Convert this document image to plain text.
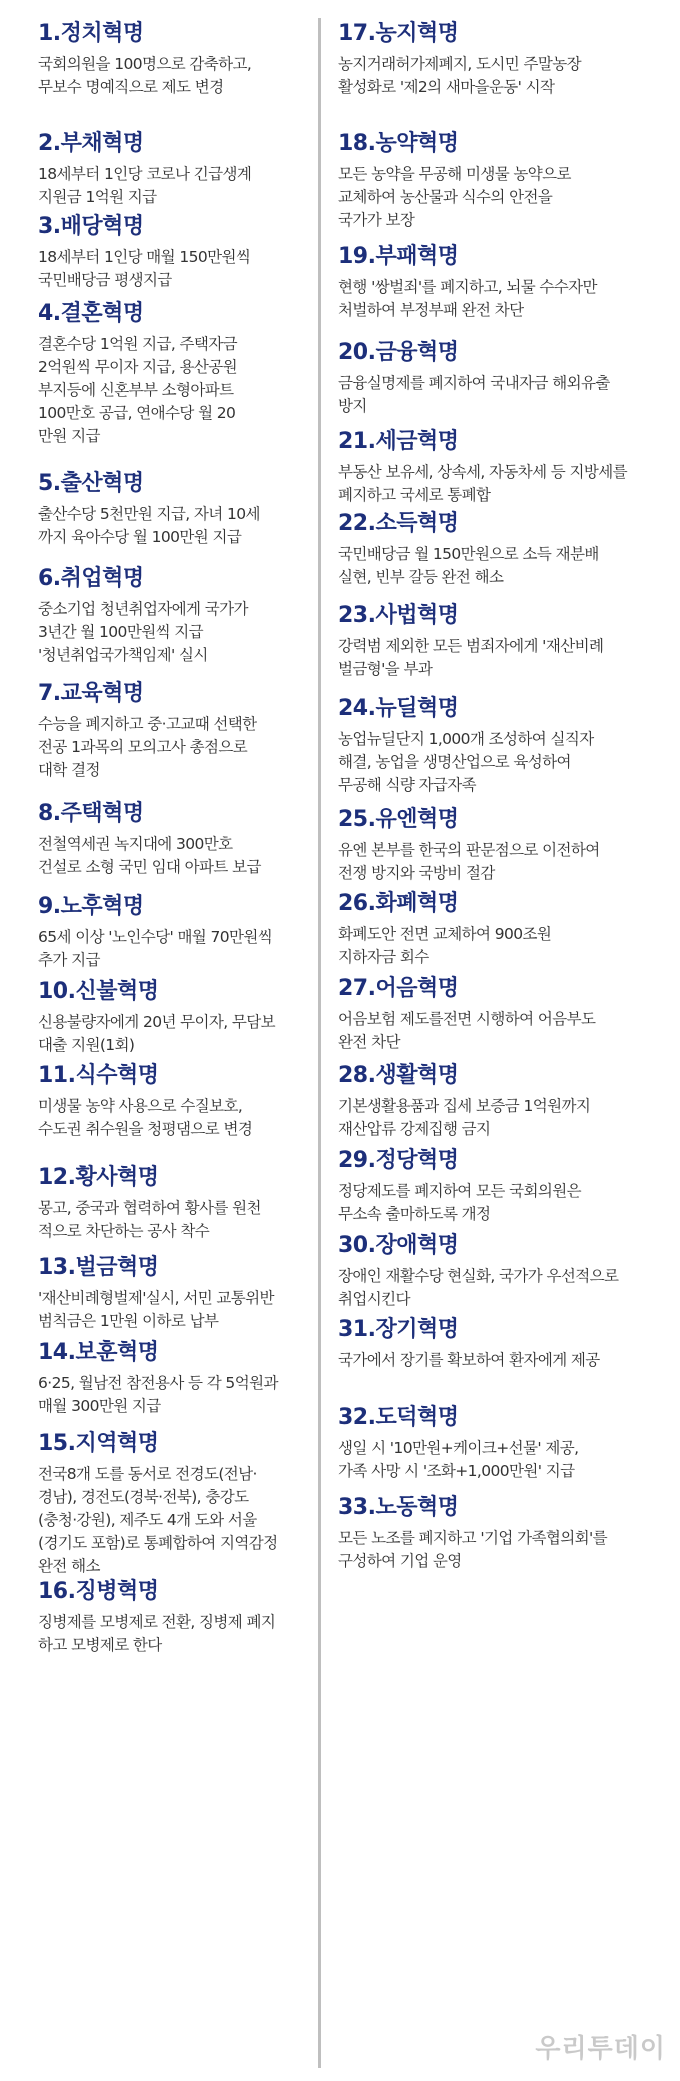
1.정치혁명
국회의원을 100명으로 감축하고,
무보수 명예직으로 제도 변경
2.부채혁명
18세부터 1인당 코로나 긴급생계
지원금 1억원 지급
3.배당혁명
18세부터 1인당 매월 150만원씩
국민배당금 평생지급
4.결혼혁명
결혼수당 1억원 지급, 주택자금
2억원씩 무이자 지급, 용산공원
부지등에 신혼부부 소형아파트
100만호 공급, 연애수당 월 20
만원 지급
5.출산혁명
출산수당 5천만원 지급, 자녀 10세
까지 육아수당 월 100만원 지급
6.취업혁명
중소기업 청년취업자에게 국가가
3년간 월 100만원씩 지급
'청년취업국가책임제' 실시
7.교육혁명
수능을 폐지하고 중·고교때 선택한
전공 1과목의 모의고사 총점으로
대학 결정
8.주택혁명
전철역세권 녹지대에 300만호
건설로 소형 국민 임대 아파트 보급
9.노후혁명
65세 이상 '노인수당' 매월 70만원씩
추가 지급
10.신불혁명
신용불량자에게 20년 무이자, 무담보
대출 지원(1회)
11.식수혁명
미생물 농약 사용으로 수질보호,
수도권 취수원을 청평댐으로 변경
12.황사혁명
몽고, 중국과 협력하여 황사를 원천
적으로 차단하는 공사 착수
13.벌금혁명
'재산비례형벌제'실시, 서민 교통위반
범칙금은 1만원 이하로 납부
14.보훈혁명
6·25, 월남전 참전용사 등 각 5억원과
매월 300만원 지급
15.지역혁명
전국8개 도를 동서로 전경도(전남·
경남), 경전도(경북·전북), 충강도
(충청·강원), 제주도 4개 도와 서울
(경기도 포함)로 통폐합하여 지역감정
완전 해소
16.징병혁명
징병제를 모병제로 전환, 징병제 폐지
하고 모병제로 한다
17.농지혁명
농지거래허가제폐지, 도시민 주말농장
활성화로 '제2의 새마을운동' 시작
18.농약혁명
모든 농약을 무공해 미생물 농약으로
교체하여 농산물과 식수의 안전을
국가가 보장
19.부패혁명
현행 '쌍벌죄'를 폐지하고, 뇌물 수수자만
처벌하여 부정부패 완전 차단
20.금융혁명
금융실명제를 폐지하여 국내자금 해외유출
방지
21.세금혁명
부동산 보유세, 상속세, 자동차세 등 지방세를
폐지하고 국세로 통폐합
22.소득혁명
국민배당금 월 150만원으로 소득 재분배
실현, 빈부 갈등 완전 해소
23.사법혁명
강력범 제외한 모든 범죄자에게 '재산비례
벌금형'을 부과
24.뉴딜혁명
농업뉴딜단지 1,000개 조성하여 실직자
해결, 농업을 생명산업으로 육성하여
무공해 식량 자급자족
25.유엔혁명
유엔 본부를 한국의 판문점으로 이전하여
전쟁 방지와 국방비 절감
26.화폐혁명
화폐도안 전면 교체하여 900조원
지하자금 회수
27.어음혁명
어음보험 제도를전면 시행하여 어음부도
완전 차단
28.생활혁명
기본생활용품과 집세 보증금 1억원까지
재산압류 강제집행 금지
29.정당혁명
정당제도를 폐지하여 모든 국회의원은
무소속 출마하도록 개정
30.장애혁명
장애인 재활수당 현실화, 국가가 우선적으로
취업시킨다
31.장기혁명
국가에서 장기를 확보하여 환자에게 제공
32.도덕혁명
생일 시 '10만원+케이크+선물' 제공,
가족 사망 시 '조화+1,000만원' 지급
33.노동혁명
모든 노조를 폐지하고 '기업 가족협의회'를
구성하여 기업 운영
우리투데이
